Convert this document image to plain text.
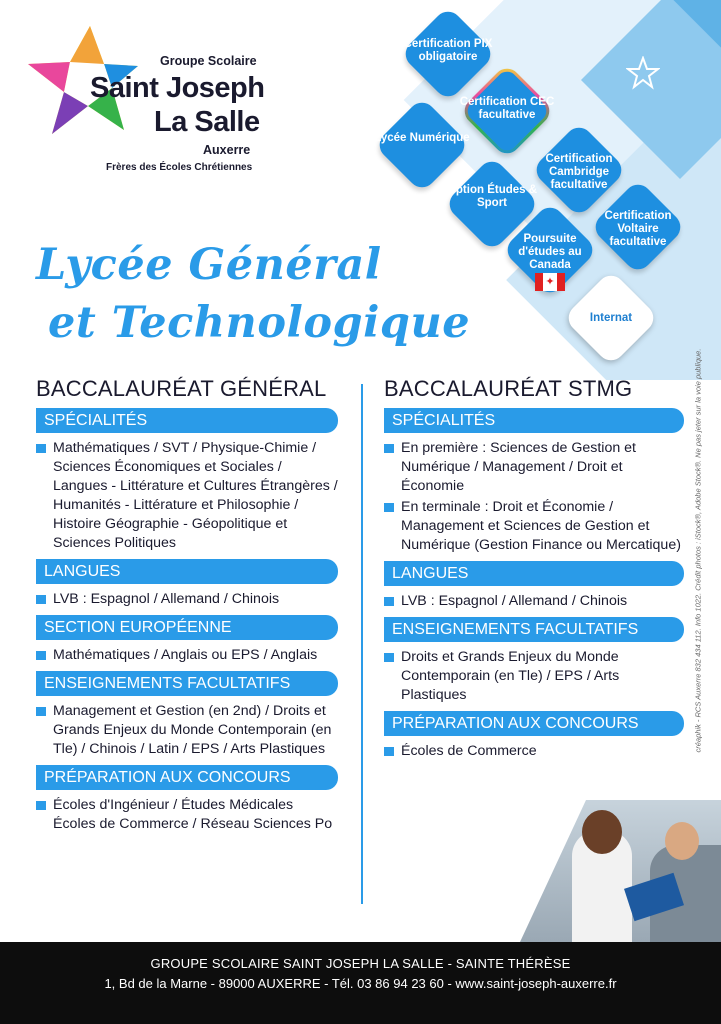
Groupe Scolaire
Saint Joseph
La Salle
Auxerre
Frères des Écoles Chrétiennes
Certification PIX obligatoire
Certification CEC facultative
Lycée Numérique
Certification Cambridge facultative
Option Études & Sport
Certification Voltaire facultative
Poursuite d'études au Canada
✦
Internat
Lycée Général
et Technologique
BACCALAURÉAT GÉNÉRAL
SPÉCIALITÉS
Mathématiques / SVT / Physique-Chimie / Sciences Économiques et Sociales / Langues - Littérature et Cultures Étrangères / Humanités - Littérature et Philosophie / Histoire Géographie - Géopolitique et Sciences Politiques
LANGUES
LVB : Espagnol / Allemand / Chinois
SECTION EUROPÉENNE
Mathématiques / Anglais ou EPS / Anglais
ENSEIGNEMENTS FACULTATIFS
Management et Gestion (en 2nd) / Droits et Grands Enjeux du Monde Contemporain (en Tle) / Chinois / Latin / EPS / Arts Plastiques
PRÉPARATION AUX CONCOURS
Écoles d'Ingénieur / Études Médicales Écoles de Commerce / Réseau Sciences Po
BACCALAURÉAT STMG
SPÉCIALITÉS
En première : Sciences de Gestion et Numérique / Management / Droit et Économie
En terminale : Droit et Économie / Management et Sciences de Gestion et Numérique (Gestion Finance ou Mercatique)
LANGUES
LVB : Espagnol / Allemand / Chinois
ENSEIGNEMENTS FACULTATIFS
Droits et Grands Enjeux du Monde Contemporain (en Tle) / EPS / Arts Plastiques
PRÉPARATION AUX CONCOURS
Écoles de Commerce	créaphik - RCS Auxerre 832 434 112. Info 1022. Crédit photos : iStock®, Adobe Stock®. Ne pas jeter sur la voie publique.
GROUPE SCOLAIRE SAINT JOSEPH LA SALLE - SAINTE THÉRÈSE
1, Bd de la Marne - 89000 AUXERRE - Tél. 03 86 94 23 60 - www.saint-joseph-auxerre.fr
